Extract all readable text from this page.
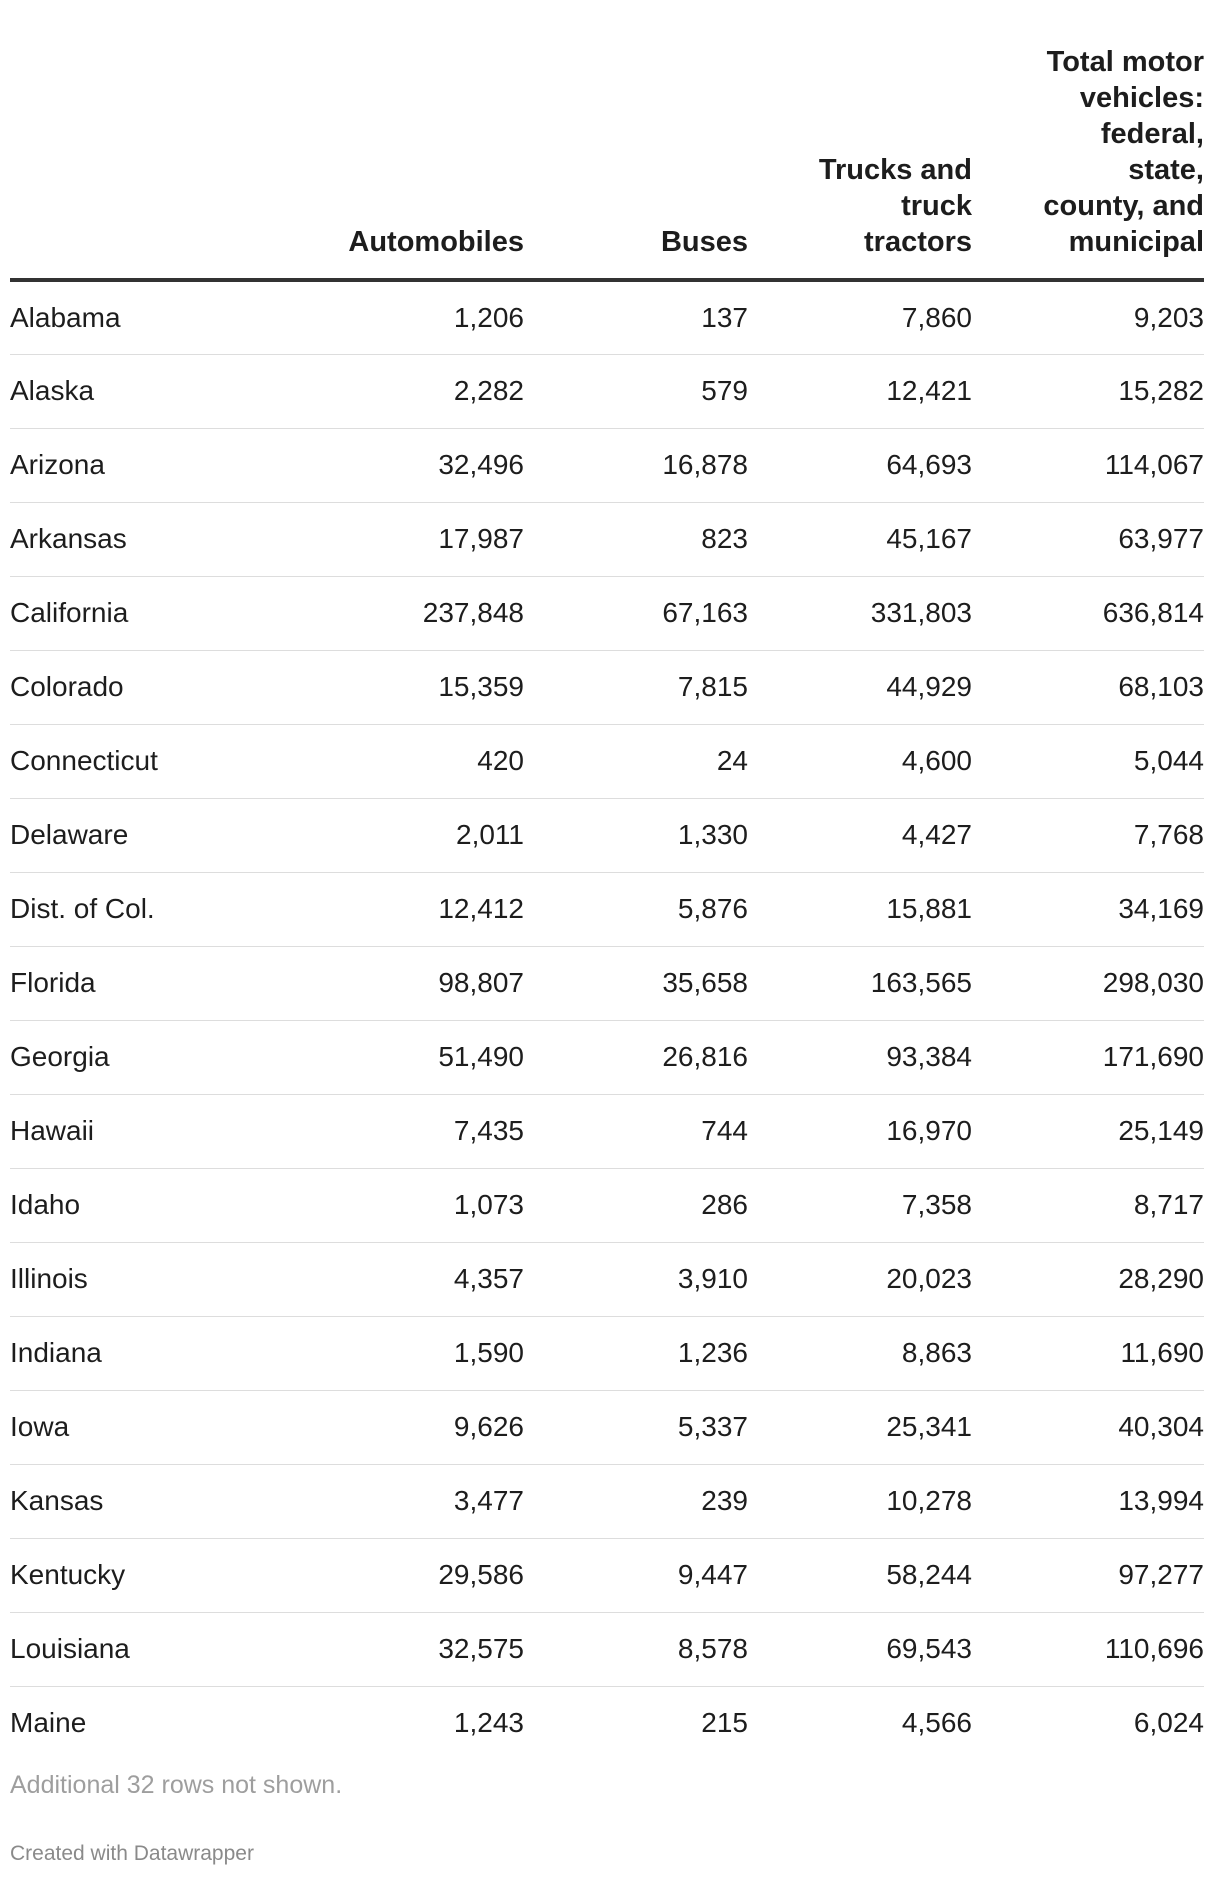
	Automobiles	Buses	Trucks and truck tractors	Total motor vehicles: federal, state, county, and municipal
Alabama	1,206	137	7,860	9,203
Alaska	2,282	579	12,421	15,282
Arizona	32,496	16,878	64,693	114,067
Arkansas	17,987	823	45,167	63,977
California	237,848	67,163	331,803	636,814
Colorado	15,359	7,815	44,929	68,103
Connecticut	420	24	4,600	5,044
Delaware	2,011	1,330	4,427	7,768
Dist. of Col.	12,412	5,876	15,881	34,169
Florida	98,807	35,658	163,565	298,030
Georgia	51,490	26,816	93,384	171,690
Hawaii	7,435	744	16,970	25,149
Idaho	1,073	286	7,358	8,717
Illinois	4,357	3,910	20,023	28,290
Indiana	1,590	1,236	8,863	11,690
Iowa	9,626	5,337	25,341	40,304
Kansas	3,477	239	10,278	13,994
Kentucky	29,586	9,447	58,244	97,277
Louisiana	32,575	8,578	69,543	110,696
Maine	1,243	215	4,566	6,024
Additional 32 rows not shown.
Created with Datawrapper
